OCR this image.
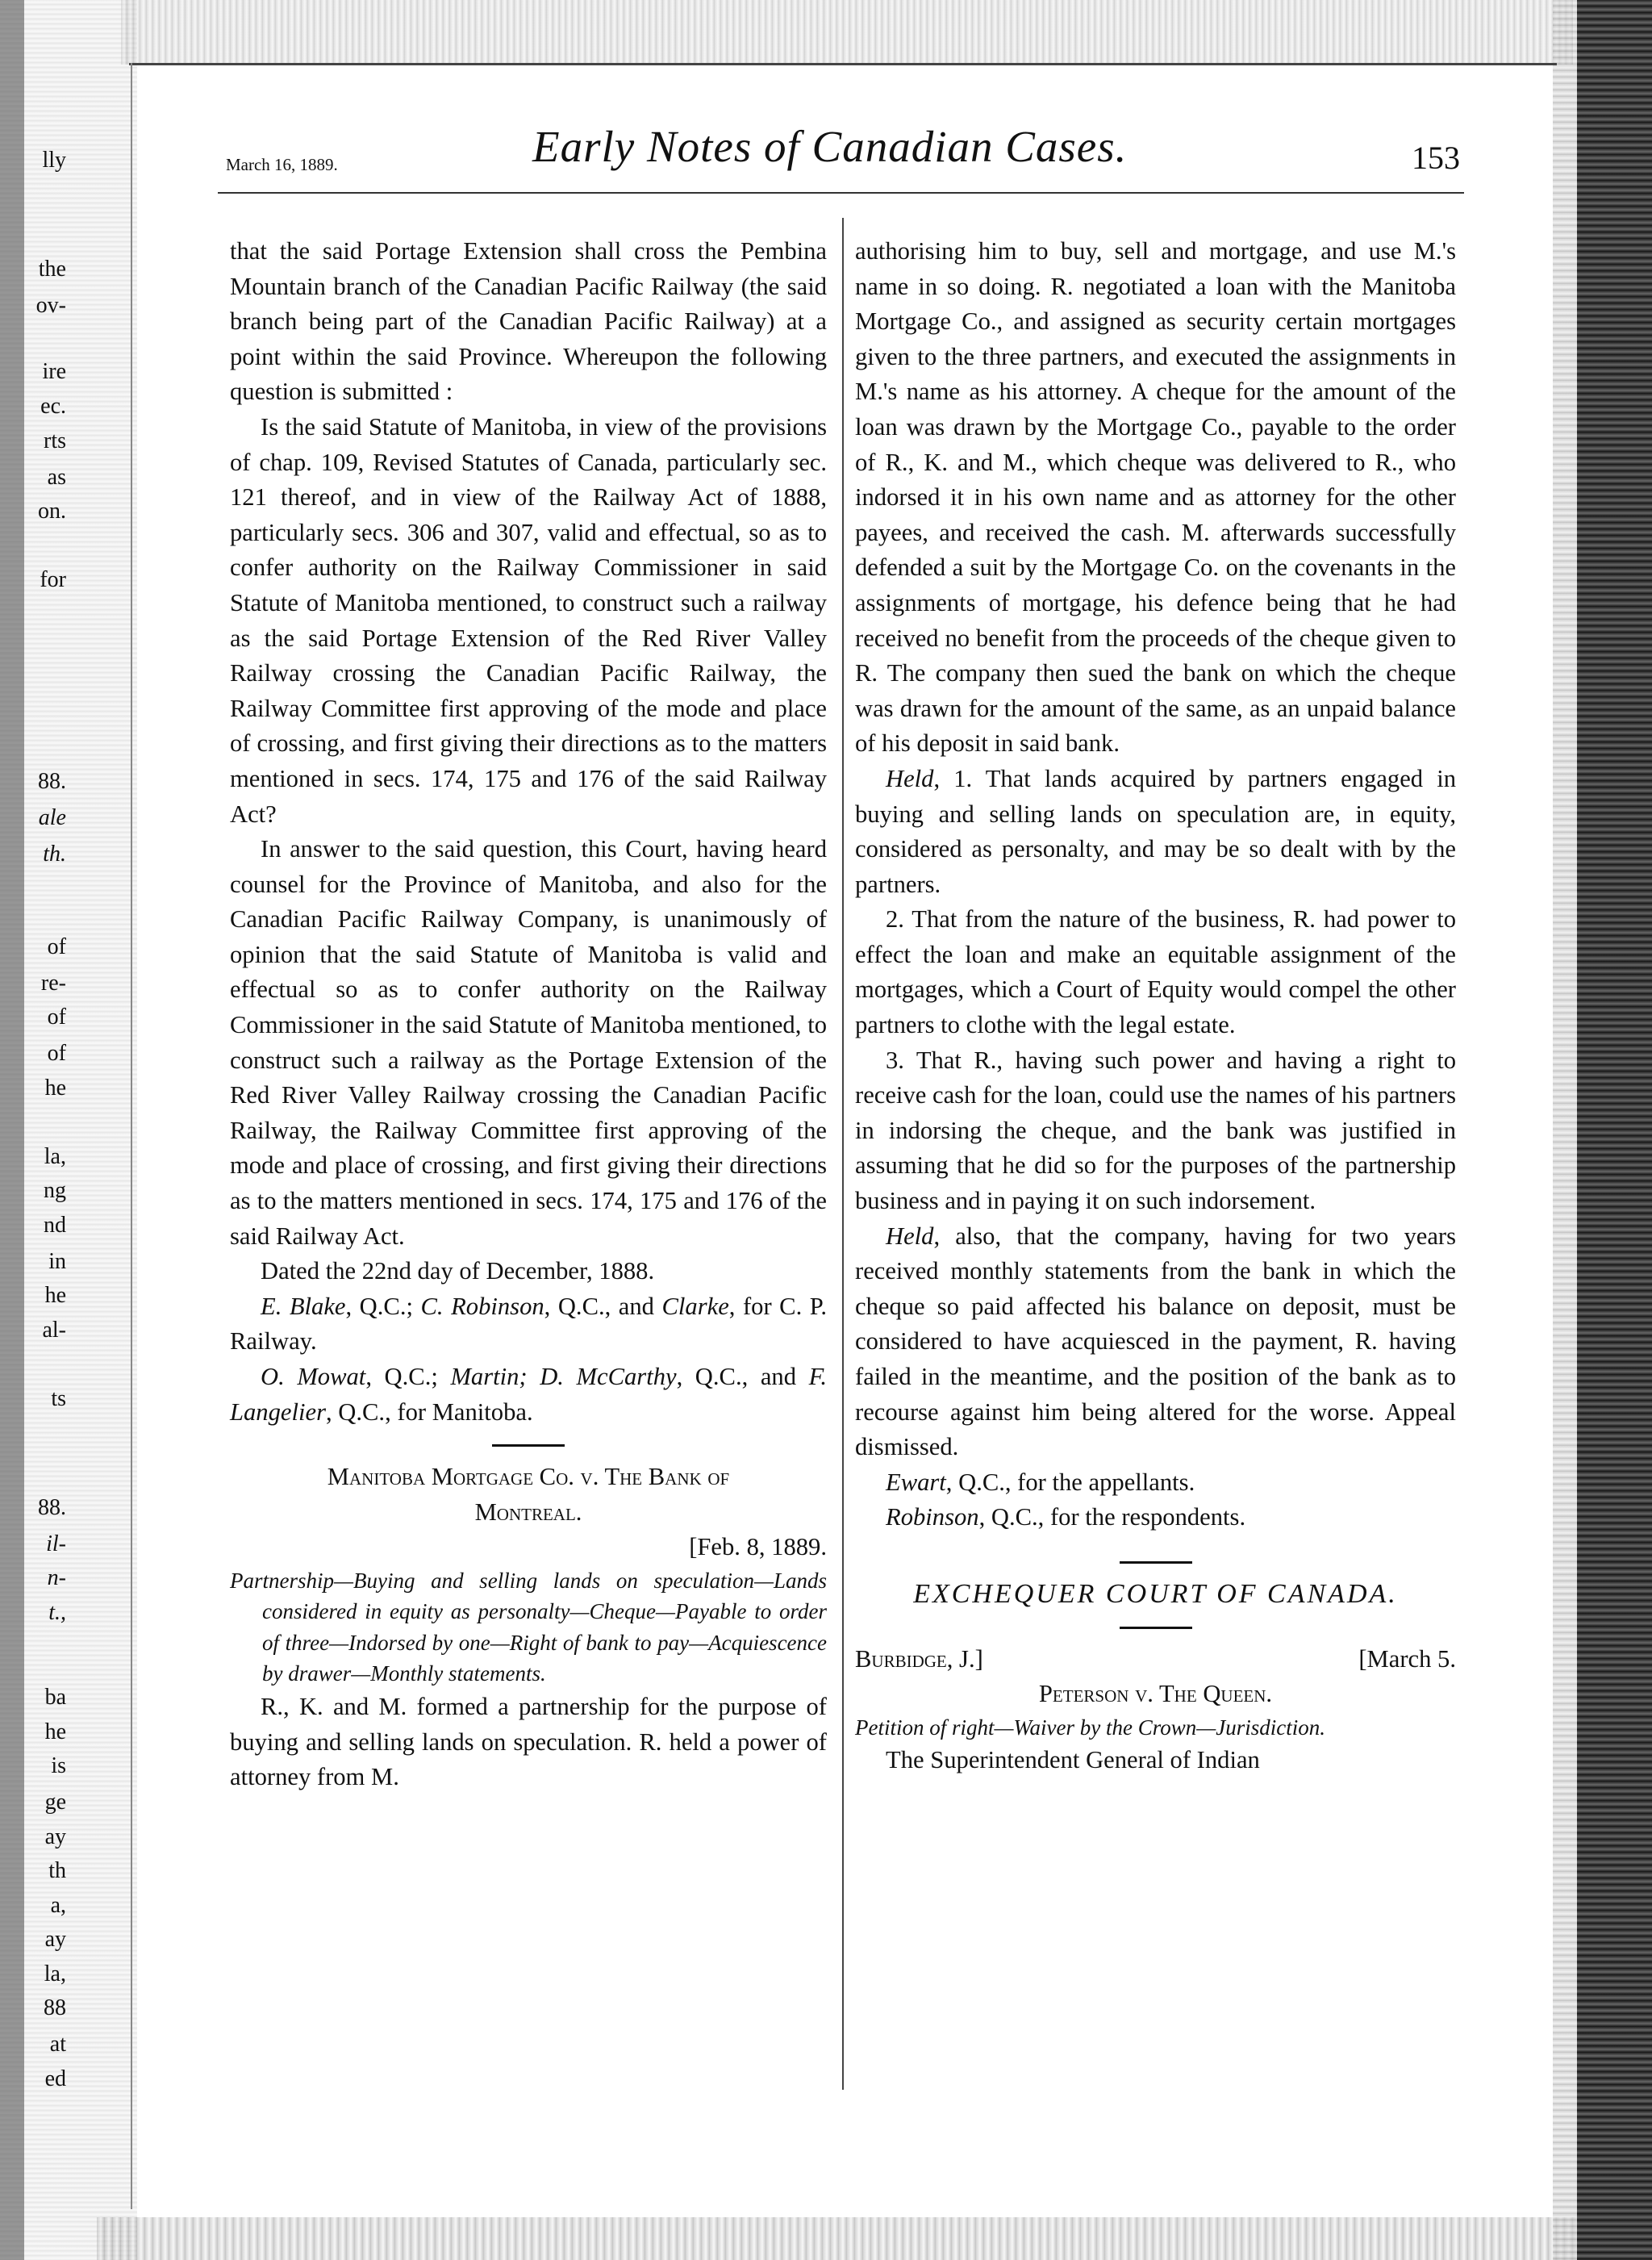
lly
the
ov-
ire
ec.
rts
as
on.
for
88.
ale
th.
of
re-
of
of
he
la,
ng
nd
in
he
al-
ts
88.
il-
n-
t.,
ba
he
is
ge
ay
th
a,
ay
la,
88
at
ed
March 16, 1889.	Early Notes of Canadian Cases.	153

that the said Portage Extension shall cross the Pembina Mountain branch of the Canadian Pacific Railway (the said branch being part of the Canadian Pacific Railway) at a point within the said Province. Whereupon the following question is submitted :

Is the said Statute of Manitoba, in view of the provisions of chap. 109, Revised Statutes of Canada, particularly sec. 121 thereof, and in view of the Railway Act of 1888, particularly secs. 306 and 307, valid and effectual, so as to confer authority on the Railway Commissioner in said Statute of Manitoba mentioned, to construct such a railway as the said Portage Extension of the Red River Valley Railway crossing the Canadian Pacific Railway, the Railway Committee first approving of the mode and place of crossing, and first giving their directions as to the matters mentioned in secs. 174, 175 and 176 of the said Railway Act?

In answer to the said question, this Court, having heard counsel for the Province of Manitoba, and also for the Canadian Pacific Railway Company, is unanimously of opinion that the said Statute of Manitoba is valid and effectual so as to confer authority on the Railway Commissioner in the said Statute of Manitoba mentioned, to construct such a railway as the Portage Extension of the Red River Valley Railway crossing the Canadian Pacific Railway, the Railway Committee first approving of the mode and place of crossing, and first giving their directions as to the matters mentioned in secs. 174, 175 and 176 of the said Railway Act.

Dated the 22nd day of December, 1888.

E. Blake, Q.C.; C. Robinson, Q.C., and Clarke, for C. P. Railway.

O. Mowat, Q.C.; Martin; D. McCarthy, Q.C., and F. Langelier, Q.C., for Manitoba.

Manitoba Mortgage Co. v. The Bank of

Montreal.

[Feb. 8, 1889.

Partnership—Buying and selling lands on speculation—Lands considered in equity as personalty—Cheque—Payable to order of three—Indorsed by one—Right of bank to pay—Acquiescence by drawer—Monthly statements.

R., K. and M. formed a partnership for the purpose of buying and selling lands on speculation. R. held a power of attorney from M.

authorising him to buy, sell and mortgage, and use M.'s name in so doing. R. negotiated a loan with the Manitoba Mortgage Co., and assigned as security certain mortgages given to the three partners, and executed the assignments in M.'s name as his attorney. A cheque for the amount of the loan was drawn by the Mortgage Co., payable to the order of R., K. and M., which cheque was delivered to R., who indorsed it in his own name and as attorney for the other payees, and received the cash. M. afterwards successfully defended a suit by the Mortgage Co. on the covenants in the assignments of mortgage, his defence being that he had received no benefit from the proceeds of the cheque given to R. The company then sued the bank on which the cheque was drawn for the amount of the same, as an unpaid balance of his deposit in said bank.

Held, 1. That lands acquired by partners engaged in buying and selling lands on speculation are, in equity, considered as personalty, and may be so dealt with by the partners.

2. That from the nature of the business, R. had power to effect the loan and make an equitable assignment of the mortgages, which a Court of Equity would compel the other partners to clothe with the legal estate.

3. That R., having such power and having a right to receive cash for the loan, could use the names of his partners in indorsing the cheque, and the bank was justified in assuming that he did so for the purposes of the partnership business and in paying it on such indorsement.

Held, also, that the company, having for two years received monthly statements from the bank in which the cheque so paid affected his balance on deposit, must be considered to have acquiesced in the payment, R. having failed in the meantime, and the position of the bank as to recourse against him being altered for the worse. Appeal dismissed.

Ewart, Q.C., for the appellants.

Robinson, Q.C., for the respondents.

EXCHEQUER COURT OF CANADA.

Burbidge, J.]	[March 5.

Peterson v. The Queen.

Petition of right—Waiver by the Crown—Jurisdiction.

The Superintendent General of Indian
